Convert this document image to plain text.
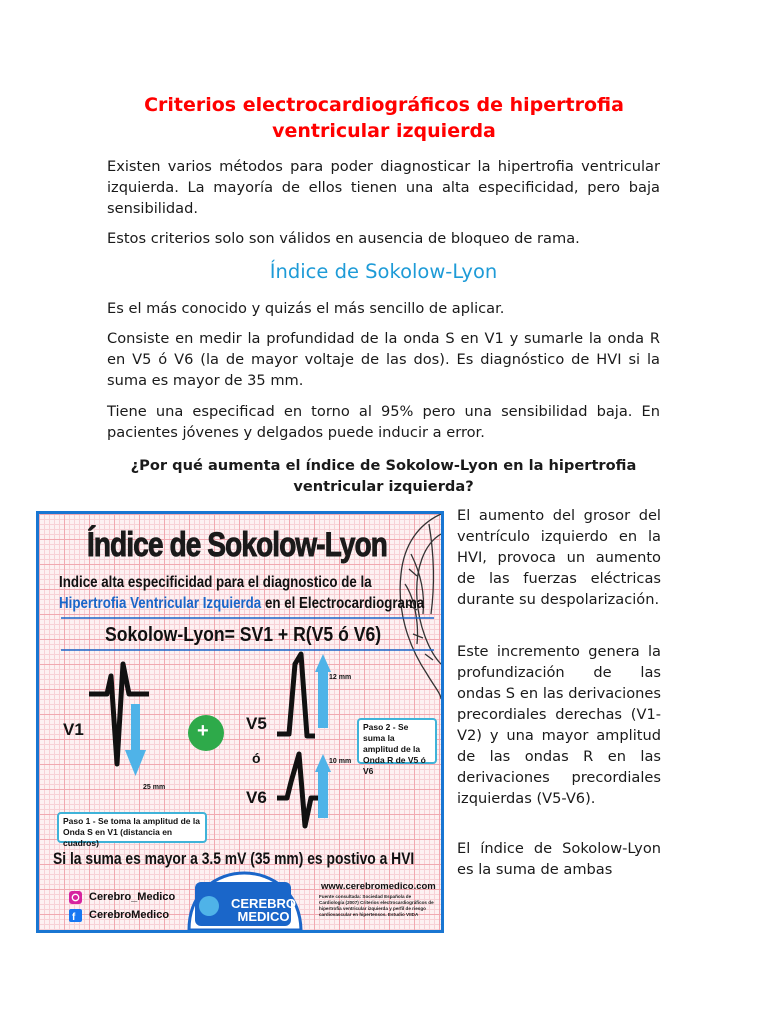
Criterios electrocardiográficos de hipertrofia
ventricular izquierda

Existen varios métodos para poder diagnosticar la hipertrofia ventricular izquierda. La mayoría de ellos tienen una alta especificidad, pero baja sensibilidad.

Estos criterios solo son válidos en ausencia de bloqueo de rama.

Índice de Sokolow-Lyon

Es el más conocido y quizás el más sencillo de aplicar.

Consiste en medir la profundidad de la onda S en V1 y sumarle la onda R en V5 ó V6 (la de mayor voltaje de las dos). Es diagnóstico de HVI si la suma es mayor de 35 mm.

Tiene una especificad en torno al 95% pero una sensibilidad baja. En pacientes jóvenes y delgados puede inducir a error.

¿Por qué aumenta el índice de Sokolow-Lyon en la hipertrofia ventricular izquierda?

f
Índice de Sokolow-Lyon
Indice alta especificidad para el diagnostico de la
Hipertrofia Ventricular Izquierda en el Electrocardiograma
Sokolow-Lyon= SV1 + R(V5 ó V6)
V1	V5
ó
V6
+
25 mm
12 mm
10 mm
Paso 1 - Se toma la amplitud de la Onda S en V1 (distancia en cuadros)
Paso 2 - Se suma la amplitud de la Onda R de V5 ó V6
Si la suma es mayor a 3.5 mV (35 mm) es postivo a HVI
www.cerebromedico.com
Cerebro_Medico
CerebroMedico
CEREBRO
MEDICO
Fuente consultada: Sociedad Española de Cardiología (2007) Criterios electrocardiográficos de hipertrofia ventricular izquierda y perfil de riesgo cardiovascular en hipertensos. Estudio VIIDA

El aumento del grosor del ventrículo izquierdo en la HVI, provoca un aumento de las fuerzas eléctricas durante su despolarización.

Este incremento genera la profundización de las ondas S en las derivaciones precordiales derechas (V1-V2) y una mayor amplitud de las ondas R en las derivaciones precordiales izquierdas (V5-V6).

El índice de Sokolow-Lyon es la suma de ambas
